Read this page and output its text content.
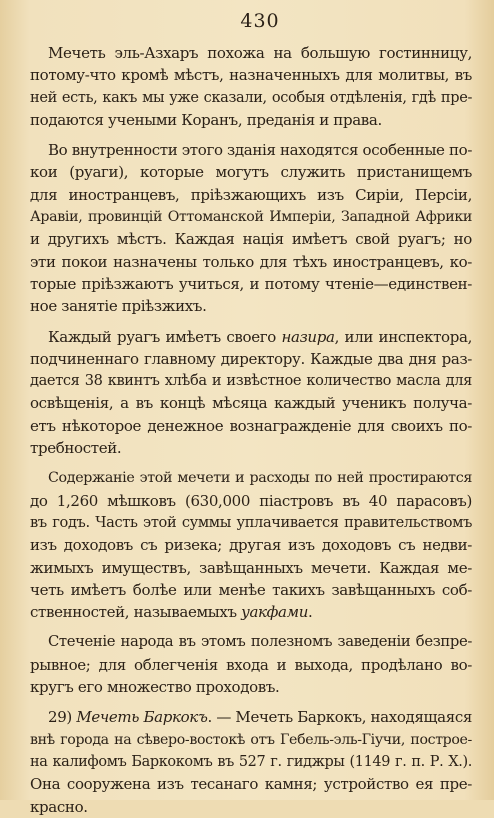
430
Мечеть эль-Азхаръ похожа на большую гостинницу,
потому-что кромѣ мѣстъ, назначенныхъ для молитвы, въ
ней есть, какъ мы уже сказали, особыя отдѣленія, гдѣ пре-
подаются учеными Коранъ, преданія и права.
Во внутренности этого зданія находятся особенные по-
кои (руаги), которые могутъ служить пристанищемъ
для иностранцевъ, пріѣзжающихъ изъ Сиріи, Персіи,
Аравіи, провинцій Оттоманской Имперіи, Западной Африки
и другихъ мѣстъ. Каждая нація имѣетъ свой руагъ; но
эти покои назначены только для тѣхъ иностранцевъ, ко-
торые пріѣзжаютъ учиться, и потому чтеніе—единствен-
ное занятіе пріѣзжихъ.
Каждый руагъ имѣетъ своего назира, или инспектора,
подчиненнаго главному директору. Каждые два дня раз-
дается 38 квинтъ хлѣба и извѣстное количество масла для
освѣщенія, а въ концѣ мѣсяца каждый ученикъ получа-
етъ нѣкоторое денежное вознагражденіе для своихъ по-
требностей.
Содержаніе этой мечети и расходы по ней простираются
до 1,260 мѣшковъ (630,000 піастровъ въ 40 парасовъ)
въ годъ. Часть этой суммы уплачивается правительствомъ
изъ доходовъ съ ризека; другая изъ доходовъ съ недви-
жимыхъ имуществъ, завѣщанныхъ мечети. Каждая ме-
четь имѣетъ болѣе или менѣе такихъ завѣщанныхъ соб-
ственностей, называемыхъ уакфами.
Стеченіе народа въ этомъ полезномъ заведеніи безпре-
рывное; для облегченія входа и выхода, продѣлано во-
кругъ его множество проходовъ.
29) Мечеть Баркокъ. — Мечеть Баркокъ, находящаяся
внѣ города на сѣверо-востокѣ отъ Гебель-эль-Гіучи, построе-
на калифомъ Баркокомъ въ 527 г. гиджры (1149 г. п. Р. Х.).
Она сооружена изъ тесанаго камня; устройство ея пре-
красно.
